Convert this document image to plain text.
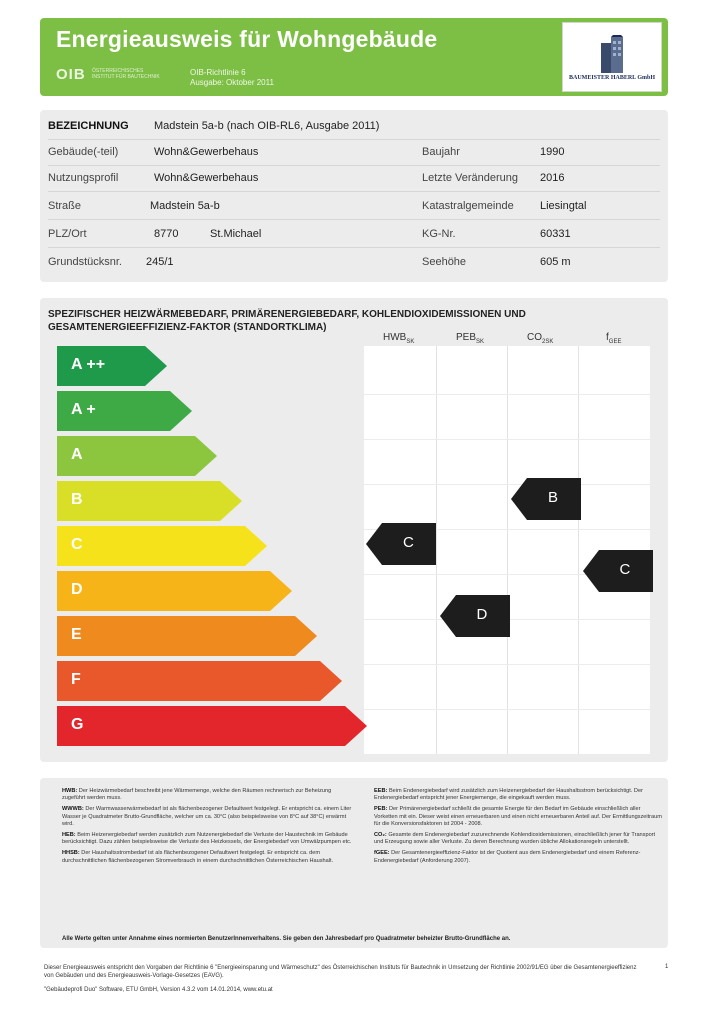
Energieausweis für Wohngebäude
OIB ÖSTERREICHISCHES INSTITUT FÜR BAUTECHNIK	OIB-Richtlinie 6
Ausgabe: Oktober 2011	BAUMEISTER HABERL GmbH
BEZEICHNUNG Madstein 5a-b (nach OIB-RL6, Ausgabe 2011)
Gebäude(-teil)	Wohn&Gewerbehaus	Baujahr	1990
Nutzungsprofil	Wohn&Gewerbehaus	Letzte Veränderung 2016
Straße	Madstein 5a-b	Katastralgemeinde Liesingtal
PLZ/Ort	8770	St.Michael	KG-Nr.	60331
Grundstücksnr. 245/1	Seehöhe	605 m
SPEZIFISCHER HEIZWÄRMEBEDARF, PRIMÄRENERGIEBEDARF, KOHLENDIOXIDEMISSIONEN UND GESAMTENERGIEEFFIZIENZ-FAKTOR (STANDORTKLIMA)
$HWB_{SK}$	$PEB_{SK}$	$CO_{2SK}$	$f_{GEE}$
A ++
A +
A
B
C
D
E
F
G
C
D
B
C
HWB: Der Heizwärmebedarf beschreibt jene Wärmemenge, welche den Räumen rechnerisch zur Beheizung zugeführt werden muss.
WWWB: Der Warmwasserwärmebedarf ist als flächenbezogener Defaultwert festgelegt. Er entspricht ca. einem Liter Wasser je Quadratmeter Brutto-Grundfläche, welcher um ca. 30°C (also beispielsweise von 8°C auf 38°C) erwärmt wird.
HEB: Beim Heizenergiebedarf werden zusätzlich zum Nutzenergiebedarf die Verluste der Haustechnik im Gebäude berücksichtigt. Dazu zählen beispielsweise die Verluste des Heizkessels, der Energiebedarf von Umwälzpumpen etc.
HHSB: Der Haushaltsstrombedarf ist als flächenbezogener Defaultwert festgelegt. Er entspricht ca. dem durchschnittlichen flächenbezogenen Stromverbrauch in einem durchschnittlichen Österreichischen Haushalt.
EEB: Beim Endenergiebedarf wird zusätzlich zum Heizenergiebedarf der Haushaltsstrom berücksichtigt. Der Endenergiebedarf entspricht jener Energiemenge, die eingekauft werden muss.
PEB: Der Primärenergiebedarf schließt die gesamte Energie für den Bedarf im Gebäude einschließlich aller Vorketten mit ein. Dieser weist einen erneuerbaren und einen nicht erneuerbaren Anteil auf. Der Ermittlungszeitraum für die Konversionsfaktoren ist 2004 - 2008.
CO₂: Gesamte dem Endenergiebedarf zuzurechnende Kohlendioxidemissionen, einschließlich jener für Transport und Erzeugung sowie aller Verluste. Zu deren Berechnung wurden übliche Allokationsregeln unterstellt.
fGEE: Der Gesamtenergieeffizienz-Faktor ist der Quotient aus dem Endenergiebedarf und einem Referenz-Endenergiebedarf (Anforderung 2007).
Alle Werte gelten unter Annahme eines normierten BenutzerInnenverhaltens. Sie geben den Jahresbedarf pro Quadratmeter beheizter Brutto-Grundfläche an.
Dieser Energieausweis entspricht den Vorgaben der Richtlinie 6 "Energieeinsparung und Wärmeschutz" des Österreichischen Instituts für Bautechnik in Umsetzung der Richtlinie 2002/91/EG über die Gesamtenergieeffizienz von Gebäuden und des Energieausweis-Vorlage-Gesetzes (EAVG).
"Gebäudeprofi Duo" Software, ETU GmbH, Version 4.3.2 vom 14.01.2014, www.etu.at
1
